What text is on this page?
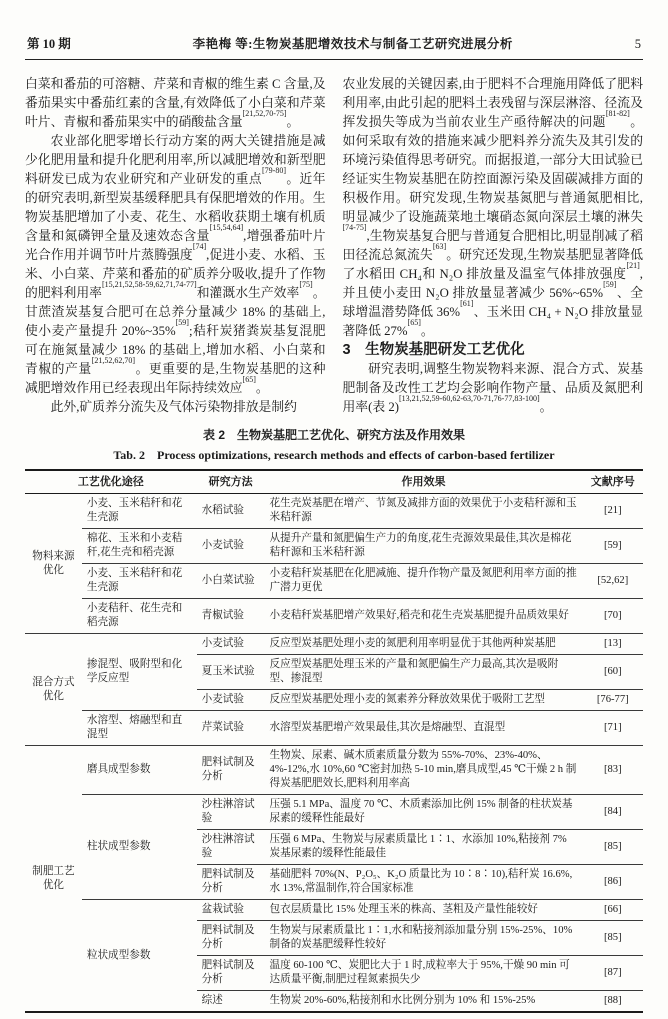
第 10 期	李艳梅 等:生物炭基肥增效技术与制备工艺研究进展分析	5

白菜和番茄的可溶糖、芹菜和青椒的维生素 C 含量,及番茄果实中番茄红素的含量,有效降低了小白菜和芹菜叶片、青椒和番茄果实中的硝酸盐含量[21,52,70-75]。

农业部化肥零增长行动方案的两大关键措施是减少化肥用量和提升化肥利用率,所以减肥增效和新型肥料研发已成为农业研究和产业研发的重点[79-80]。近年的研究表明,新型炭基缓释肥具有保肥增效的作用。生物炭基肥增加了小麦、花生、水稻收获期土壤有机质含量和氮磷钾全量及速效态含量[15,54,64],增强番茄叶片光合作用并调节叶片蒸腾强度[74],促进小麦、水稻、玉米、小白菜、芹菜和番茄的矿质养分吸收,提升了作物的肥料利用率[15,21,52,58-59,62,71,74-77]和灌溉水生产效率[75]。甘蔗渣炭基复合肥可在总养分量减少 18% 的基础上,使小麦产量提升 20%~35%[59];秸秆炭猪粪炭基复混肥可在施氮量减少 18% 的基础上,增加水稻、小白菜和青椒的产量[21,52,62,70]。更重要的是,生物炭基肥的这种减肥增效作用已经表现出年际持续效应[65]。

此外,矿质养分流失及气体污染物排放是制约

农业发展的关键因素,由于肥料不合理施用降低了肥料利用率,由此引起的肥料土表残留与深层淋溶、径流及挥发损失等成为当前农业生产亟待解决的问题[81-82]。如何采取有效的措施来减少肥料养分流失及其引发的环境污染值得思考研究。而据报道,一部分大田试验已经证实生物炭基肥在防控面源污染及固碳减排方面的积极作用。研究发现,生物炭基氮肥与普通氮肥相比,明显减少了设施蔬菜地土壤硝态氮向深层土壤的淋失[74-75],生物炭基复合肥与普通复合肥相比,明显削减了稻田径流总氮流失[63]。研究还发现,生物炭基肥显著降低了水稻田 CH₄和 N₂O 排放量及温室气体排放强度[21],并且使小麦田 N₂O 排放量显著减少 56%~65%[59]、全球增温潜势降低 36%[61]、玉米田 CH₄ + N₂O 排放量显著降低 27%[65]。

3　生物炭基肥研发工艺优化

研究表明,调整生物炭物料来源、混合方式、炭基肥制备及改性工艺均会影响作物产量、品质及氮肥利用率(表 2)[13,21,52,59-60,62-63,70-71,76-77,83-100]。

表 2　生物炭基肥工艺优化、研究方法及作用效果
Tab. 2　Process optimizations, research methods and effects of carbon-based fertilizer
工艺优化途径		研究方法	作用效果	文献序号
物料来源优化	小麦、玉米秸秆和花生壳源	水稻试验	花生壳炭基肥在增产、节氮及减排方面的效果优于小麦秸秆源和玉米秸秆源	[21]
	棉花、玉米和小麦秸秆,花生壳和稻壳源	小麦试验	从提升产量和氮肥偏生产力的角度,花生壳源效果最佳,其次是棉花秸秆源和玉米秸秆源	[59]
	小麦、玉米秸秆和花生壳源	小白菜试验	小麦秸秆炭基肥在化肥减施、提升作物产量及氮肥利用率方面的推广潜力更优	[52,62]
	小麦秸秆、花生壳和稻壳源	青椒试验	小麦秸秆炭基肥增产效果好,稻壳和花生壳炭基肥提升品质效果好	[70]
混合方式优化	掺混型、吸附型和化学反应型	小麦试验	反应型炭基肥处理小麦的氮肥利用率明显优于其他两种炭基肥	[13]
		夏玉米试验	反应型炭基肥处理玉米的产量和氮肥偏生产力最高,其次是吸附型、掺混型	[60]
		小麦试验	反应型炭基肥处理小麦的氮素养分释放效果优于吸附工艺型	[76-77]
	水溶型、熔融型和直混型	芹菜试验	水溶型炭基肥增产效果最佳,其次是熔融型、直混型	[71]
制肥工艺优化	磨具成型参数	肥料试制及分析	生物炭、尿素、碱木质素质量分数为 55%-70%、23%-40%、4%-12%,水 10%,60 ℃密封加热 5-10 min,磨具成型,45 ℃干燥 2 h 制得炭基肥肥效长,肥料利用率高	[83]
	柱状成型参数	沙柱淋溶试验	压强 5.1 MPa、温度 70 ℃、木质素添加比例 15% 制备的柱状炭基尿素的缓释性能最好	[84]
		沙柱淋溶试验	压强 6 MPa、生物炭与尿素质量比 1∶1、水添加 10%,粘接剂 7% 炭基尿素的缓释性能最佳	[85]
		肥料试制及分析	基础肥料 70%(N、P₂O₅、K₂O 质量比为 10∶8∶10),秸秆炭 16.6%,水 13%,常温制作,符合国家标准	[86]
	粒状成型参数	盆栽试验	包衣层质量比 15% 处理玉米的株高、茎粗及产量性能较好	[66]
		肥料试制及分析	生物炭与尿素质量比 1∶1,水和粘接剂添加量分别 15%-25%、10% 制备的炭基肥缓释性较好	[85]
		肥料试制及分析	温度 60-100 ℃、炭肥比大于 1 时,成粒率大于 95%,干燥 90 min 可达质量平衡,制肥过程氮素损失少	[87]
		综述	生物炭 20%-60%,粘接剂和水比例分别为 10% 和 15%-25%	[88]
